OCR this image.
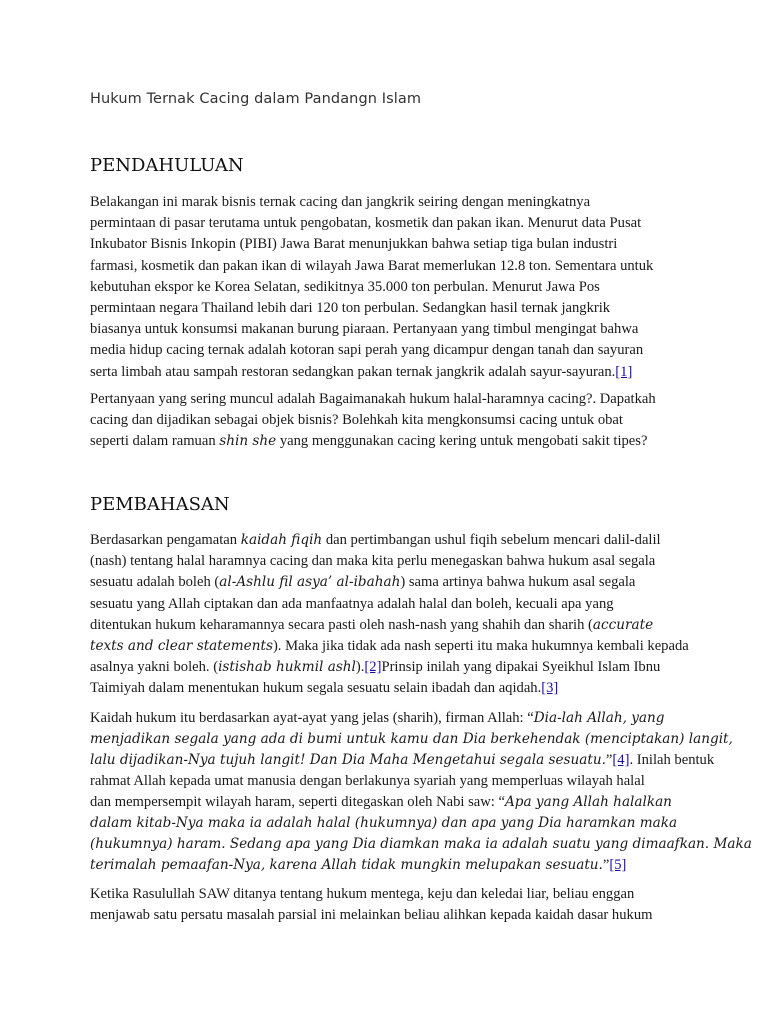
Hukum Ternak Cacing dalam Pandangn Islam
PENDAHULUAN

Belakangan ini marak bisnis ternak cacing dan jangkrik seiring dengan meningkatnya
permintaan di pasar terutama untuk pengobatan, kosmetik dan pakan ikan. Menurut data Pusat
Inkubator Bisnis Inkopin (PIBI) Jawa Barat menunjukkan bahwa setiap tiga bulan industri
farmasi, kosmetik dan pakan ikan di wilayah Jawa Barat memerlukan 12.8 ton. Sementara untuk
kebutuhan ekspor ke Korea Selatan, sedikitnya 35.000 ton perbulan. Menurut Jawa Pos
permintaan negara Thailand lebih dari 120 ton perbulan. Sedangkan hasil ternak jangkrik
biasanya untuk konsumsi makanan burung piaraan. Pertanyaan yang timbul mengingat bahwa
media hidup cacing ternak adalah kotoran sapi perah yang dicampur dengan tanah dan sayuran
serta limbah atau sampah restoran sedangkan pakan ternak jangkrik adalah sayur-sayuran.[1]

Pertanyaan yang sering muncul adalah Bagaimanakah hukum halal-haramnya cacing?. Dapatkah
cacing dan dijadikan sebagai objek bisnis? Bolehkah kita mengkonsumsi cacing untuk obat
seperti dalam ramuan shin she yang menggunakan cacing kering untuk mengobati sakit tipes?

PEMBAHASAN

Berdasarkan pengamatan kaidah fiqih dan pertimbangan ushul fiqih sebelum mencari dalil-dalil
(nash) tentang halal haramnya cacing dan maka kita perlu menegaskan bahwa hukum asal segala
sesuatu adalah boleh (al-Ashlu fil asya’ al-ibahah) sama artinya bahwa hukum asal segala
sesuatu yang Allah ciptakan dan ada manfaatnya adalah halal dan boleh, kecuali apa yang
ditentukan hukum keharamannya secara pasti oleh nash-nash yang shahih dan sharih (accurate
texts and clear statements). Maka jika tidak ada nash seperti itu maka hukumnya kembali kepada
asalnya yakni boleh. (istishab hukmil ashl).[2]Prinsip inilah yang dipakai Syeikhul Islam Ibnu
Taimiyah dalam menentukan hukum segala sesuatu selain ibadah dan aqidah.[3]

Kaidah hukum itu berdasarkan ayat-ayat yang jelas (sharih), firman Allah: “Dia-lah Allah, yang
menjadikan segala yang ada di bumi untuk kamu dan Dia berkehendak (menciptakan) langit,
lalu dijadikan-Nya tujuh langit! Dan Dia Maha Mengetahui segala sesuatu.”[4]. Inilah bentuk
rahmat Allah kepada umat manusia dengan berlakunya syariah yang memperluas wilayah halal
dan mempersempit wilayah haram, seperti ditegaskan oleh Nabi saw: “Apa yang Allah halalkan
dalam kitab-Nya maka ia adalah halal (hukumnya) dan apa yang Dia haramkan maka
(hukumnya) haram. Sedang apa yang Dia diamkan maka ia adalah suatu yang dimaafkan. Maka
terimalah pemaafan-Nya, karena Allah tidak mungkin melupakan sesuatu.”[5]

Ketika Rasulullah SAW ditanya tentang hukum mentega, keju dan keledai liar, beliau enggan
menjawab satu persatu masalah parsial ini melainkan beliau alihkan kepada kaidah dasar hukum
